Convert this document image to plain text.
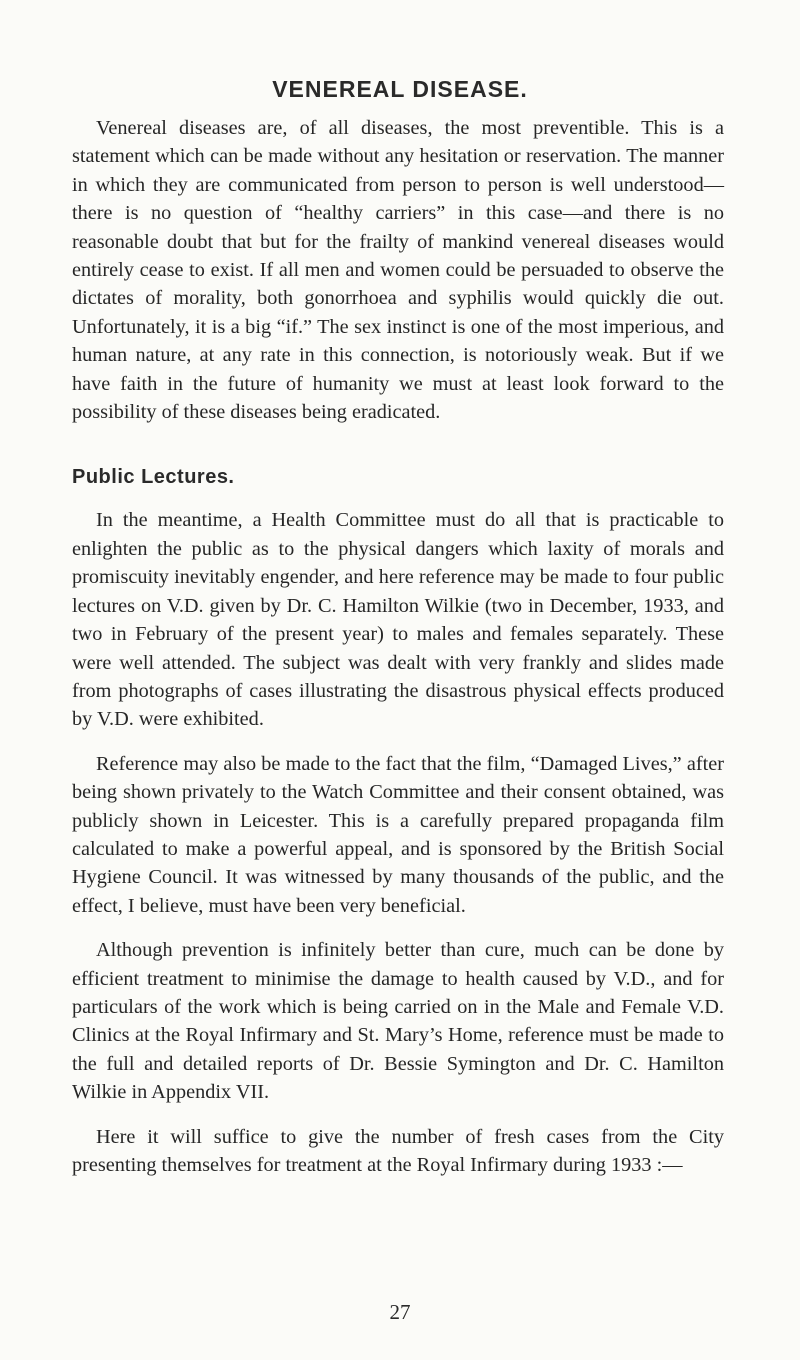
VENEREAL DISEASE.

Venereal diseases are, of all diseases, the most preventible. This is a statement which can be made without any hesitation or reservation. The manner in which they are communicated from person to person is well understood—there is no question of “healthy carriers” in this case—and there is no reasonable doubt that but for the frailty of mankind venereal diseases would entirely cease to exist. If all men and women could be persuaded to observe the dictates of morality, both gonorrhoea and syphilis would quickly die out. Unfortunately, it is a big “if.” The sex instinct is one of the most imperious, and human nature, at any rate in this connection, is notoriously weak. But if we have faith in the future of humanity we must at least look forward to the possibility of these diseases being eradicated.

Public Lectures.

In the meantime, a Health Committee must do all that is practicable to enlighten the public as to the physical dangers which laxity of morals and promiscuity inevitably engender, and here reference may be made to four public lectures on V.D. given by Dr. C. Hamilton Wilkie (two in December, 1933, and two in February of the present year) to males and females separately. These were well attended. The subject was dealt with very frankly and slides made from photographs of cases illustrating the disastrous physical effects produced by V.D. were exhibited.

Reference may also be made to the fact that the film, “Damaged Lives,” after being shown privately to the Watch Committee and their consent obtained, was publicly shown in Leicester. This is a carefully prepared propaganda film calculated to make a powerful appeal, and is sponsored by the British Social Hygiene Council. It was witnessed by many thousands of the public, and the effect, I believe, must have been very beneficial.

Although prevention is infinitely better than cure, much can be done by efficient treatment to minimise the damage to health caused by V.D., and for particulars of the work which is being carried on in the Male and Female V.D. Clinics at the Royal Infirmary and St. Mary’s Home, reference must be made to the full and detailed reports of Dr. Bessie Symington and Dr. C. Hamilton Wilkie in Appendix VII.

Here it will suffice to give the number of fresh cases from the City presenting themselves for treatment at the Royal Infirmary during 1933 :—

27
